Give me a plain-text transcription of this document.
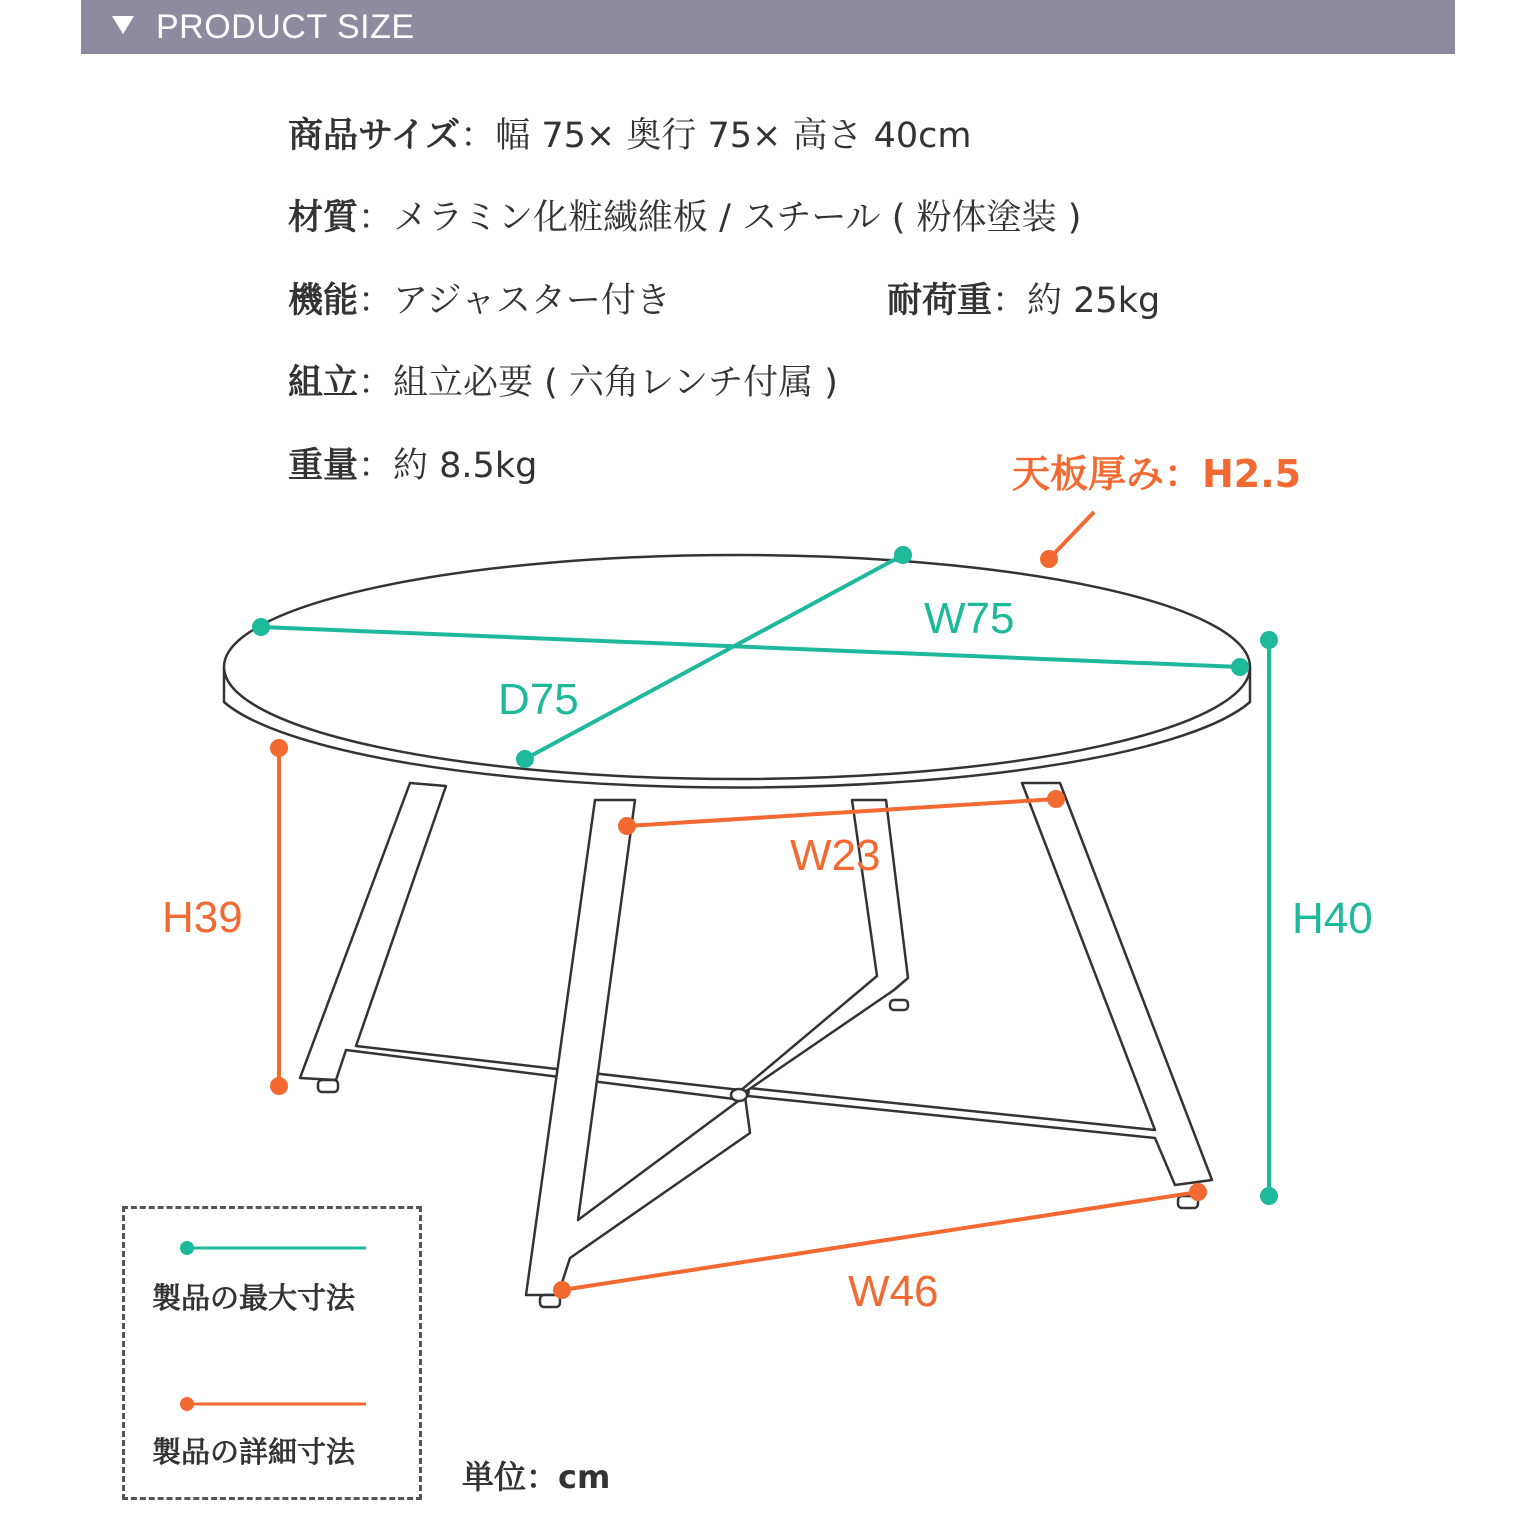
PRODUCT SIZE
商品サイズ：幅 75× 奥行 75× 高さ 40cm
材質：メラミン化粧繊維板 / スチール ( 粉体塗装 )
機能：アジャスター付き	耐荷重：約 25kg
組立：組立必要 ( 六角レンチ付属 )
重量：約 8.5kg	天板厚み：H2.5
W75
D75
W23
H39	H40
W46
製品の最大寸法
製品の詳細寸法
単位：cm
